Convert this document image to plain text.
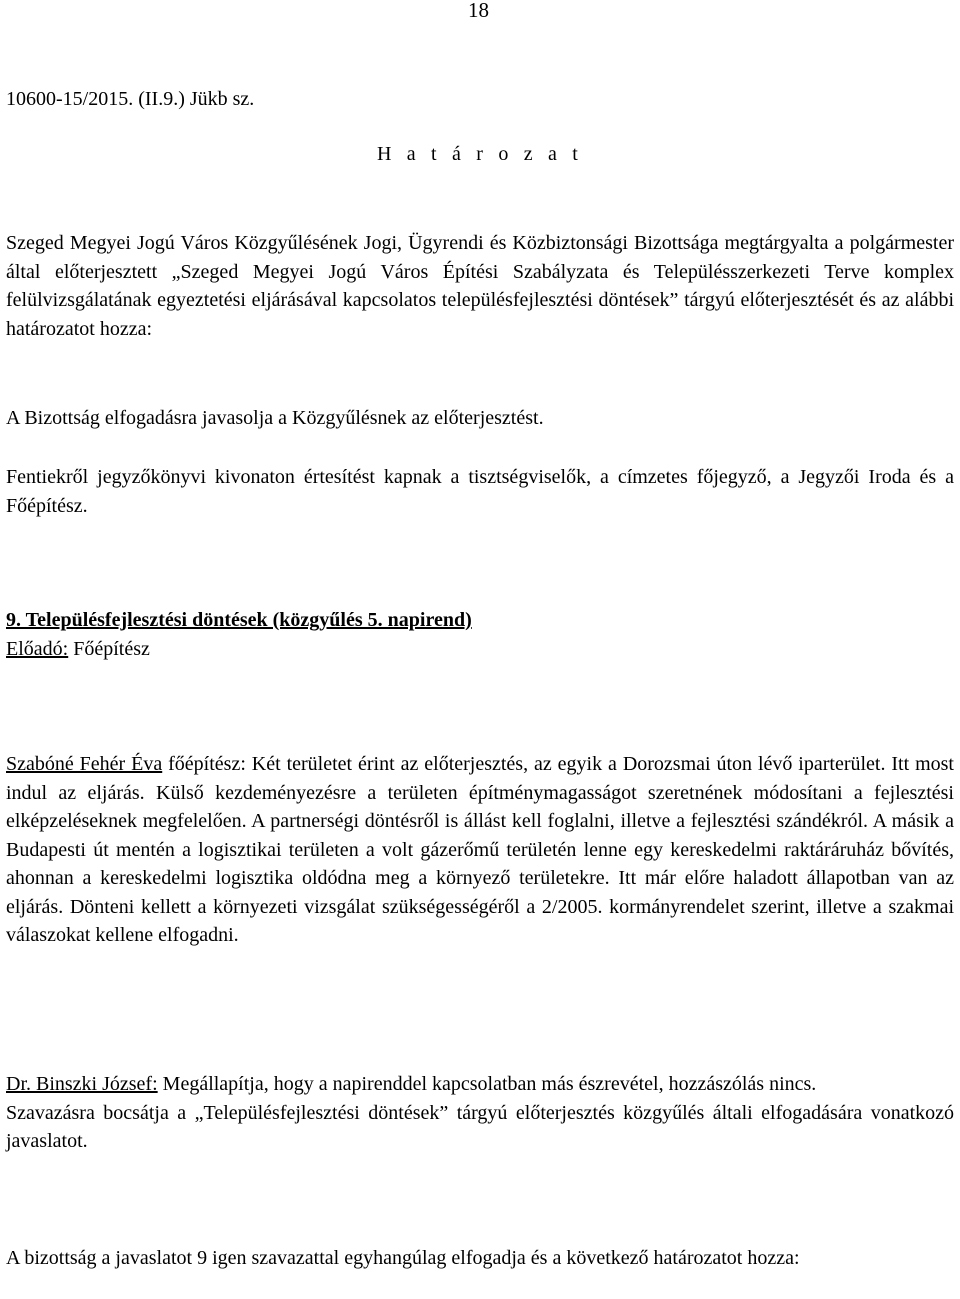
18
10600-15/2015. (II.9.) Jükb sz.
H a t á r o z a t
Szeged Megyei Jogú Város Közgyűlésének Jogi, Ügyrendi és Közbiztonsági Bizottsága megtárgyalta a polgármester által előterjesztett „Szeged Megyei Jogú Város Építési Szabályzata és Településszerkezeti Terve komplex felülvizsgálatának egyeztetési eljárásával kapcsolatos településfejlesztési döntések” tárgyú előterjesztését és az alábbi határozatot hozza:
A Bizottság elfogadásra javasolja a Közgyűlésnek az előterjesztést.
Fentiekről jegyzőkönyvi kivonaton értesítést kapnak a tisztségviselők, a címzetes főjegyző, a Jegyzői Iroda és a Főépítész.
9. Településfejlesztési döntések (közgyűlés 5. napirend)
Előadó: Főépítész
Szabóné Fehér Éva főépítész: Két területet érint az előterjesztés, az egyik a Dorozsmai úton lévő iparterület. Itt most indul az eljárás. Külső kezdeményezésre a területen építménymagasságot szeretnének módosítani a fejlesztési elképzeléseknek megfelelően. A partnerségi döntésről is állást kell foglalni, illetve a fejlesztési szándékról. A másik a Budapesti út mentén a logisztikai területen a volt gázerőmű területén lenne egy kereskedelmi raktáráruház bővítés, ahonnan a kereskedelmi logisztika oldódna meg a környező területekre. Itt már előre haladott állapotban van az eljárás. Dönteni kellett a környezeti vizsgálat szükségességéről a 2/2005. kormányrendelet szerint, illetve a szakmai válaszokat kellene elfogadni.
Dr. Binszki József: Megállapítja, hogy a napirenddel kapcsolatban más észrevétel, hozzászólás nincs.
Szavazásra bocsátja a „Településfejlesztési döntések” tárgyú előterjesztés közgyűlés általi elfogadására vonatkozó javaslatot.
A bizottság a javaslatot 9 igen szavazattal egyhangúlag elfogadja és a következő határozatot hozza:
